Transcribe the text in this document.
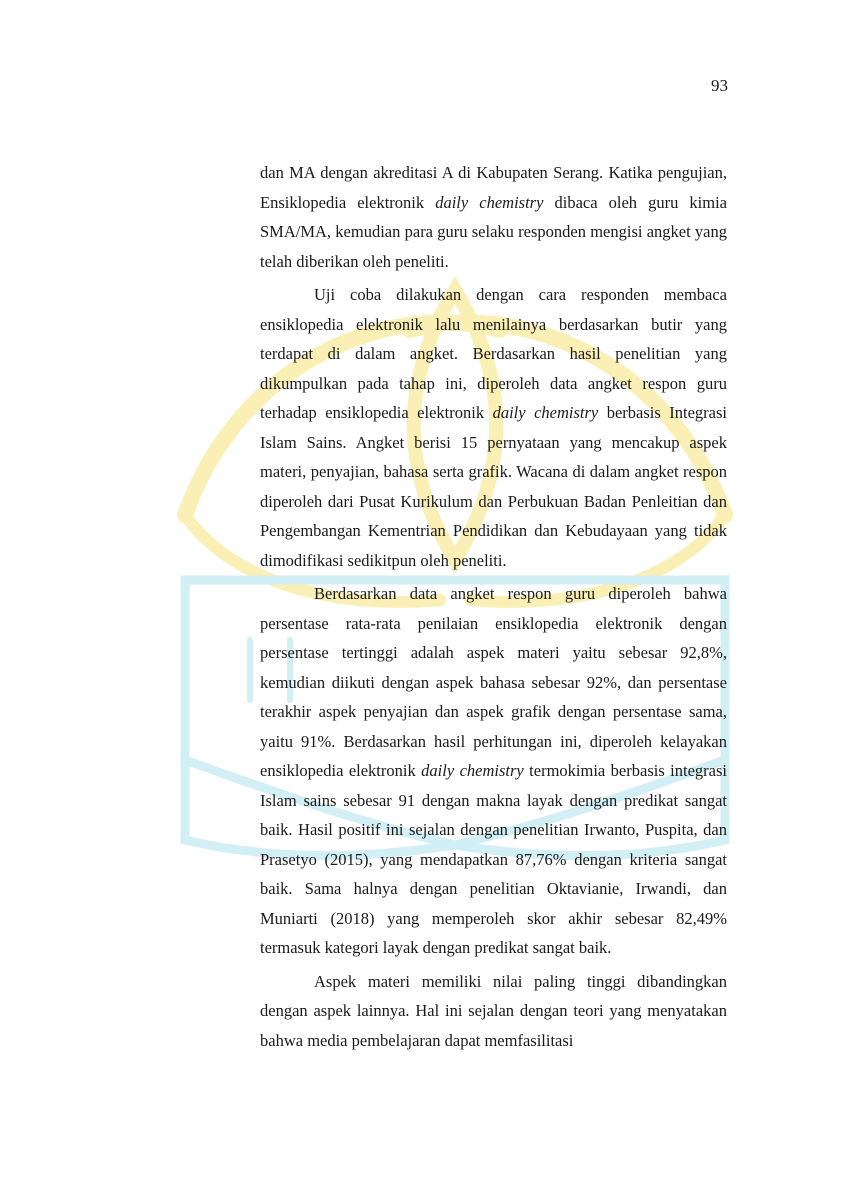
93

dan MA dengan akreditasi A di Kabupaten Serang. Katika pengujian, Ensiklopedia elektronik daily chemistry dibaca oleh guru kimia SMA/MA, kemudian para guru selaku responden mengisi angket yang telah diberikan oleh peneliti.

Uji coba dilakukan dengan cara responden membaca ensiklopedia elektronik lalu menilainya berdasarkan butir yang terdapat di dalam angket. Berdasarkan hasil penelitian yang dikumpulkan pada tahap ini, diperoleh data angket respon guru terhadap ensiklopedia elektronik daily chemistry berbasis Integrasi Islam Sains. Angket berisi 15 pernyataan yang mencakup aspek materi, penyajian, bahasa serta grafik. Wacana di dalam angket respon diperoleh dari Pusat Kurikulum dan Perbukuan Badan Penleitian dan Pengembangan Kementrian Pendidikan dan Kebudayaan yang tidak dimodifikasi sedikitpun oleh peneliti.

Berdasarkan data angket respon guru diperoleh bahwa persentase rata-rata penilaian ensiklopedia elektronik dengan persentase tertinggi adalah aspek materi yaitu sebesar 92,8%, kemudian diikuti dengan aspek bahasa sebesar 92%, dan persentase terakhir aspek penyajian dan aspek grafik dengan persentase sama, yaitu 91%. Berdasarkan hasil perhitungan ini, diperoleh kelayakan ensiklopedia elektronik daily chemistry termokimia berbasis integrasi Islam sains sebesar 91 dengan makna layak dengan predikat sangat baik. Hasil positif ini sejalan dengan penelitian Irwanto, Puspita, dan Prasetyo (2015), yang mendapatkan 87,76% dengan kriteria sangat baik. Sama halnya dengan penelitian Oktavianie, Irwandi, dan Muniarti (2018) yang memperoleh skor akhir sebesar 82,49% termasuk kategori layak dengan predikat sangat baik.

Aspek materi memiliki nilai paling tinggi dibandingkan dengan aspek lainnya. Hal ini sejalan dengan teori yang menyatakan bahwa media pembelajaran dapat memfasilitasi
